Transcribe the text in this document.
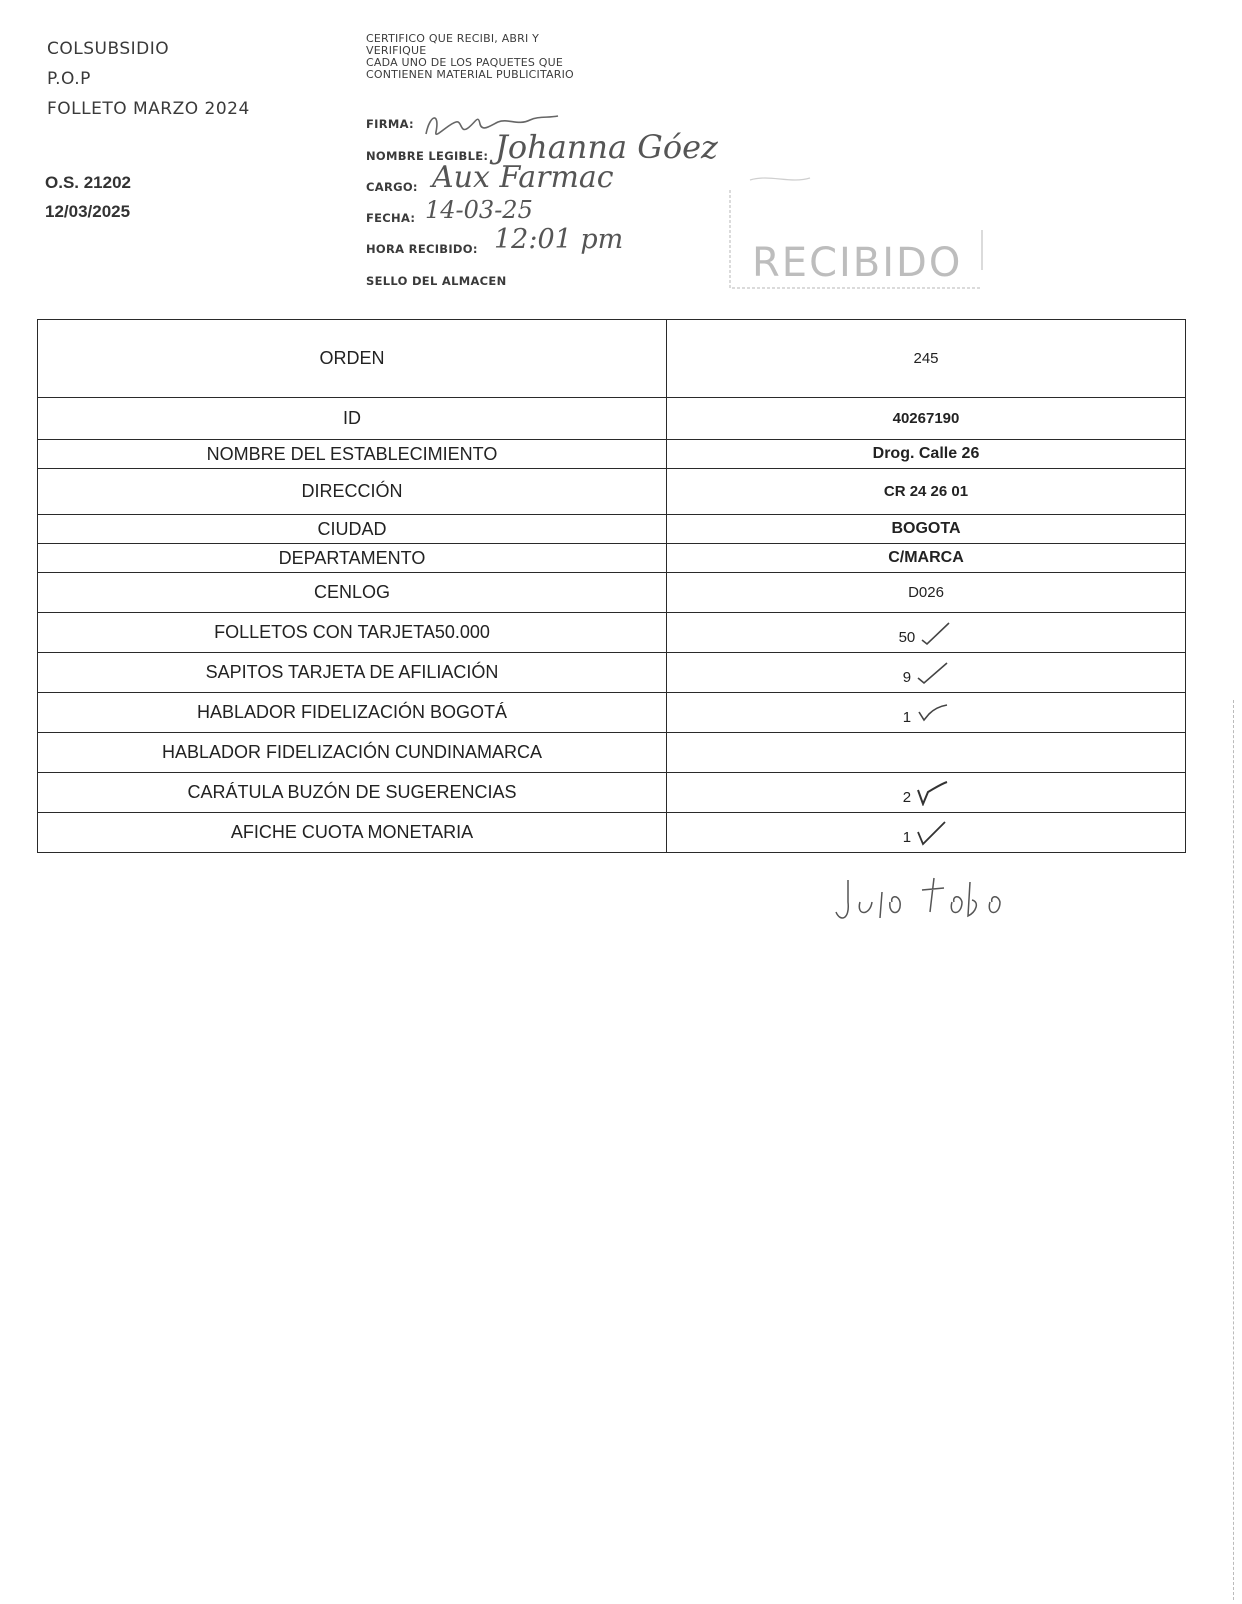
COLSUBSIDIO
P.O.P
FOLLETO MARZO 2024
O.S. 21202
12/03/2025
CERTIFICO QUE RECIBI, ABRI Y
VERIFIQUE
CADA UNO DE LOS PAQUETES QUE
CONTIENEN MATERIAL PUBLICITARIO
FIRMA:
NOMBRE LEGIBLE: Johanna Góez
CARGO: Aux Farmac
FECHA: 14-03-25
HORA RECIBIDO: 12:01 pm
SELLO DEL ALMACEN	RECIBIDO
ORDEN	245
ID	40267190
NOMBRE DEL ESTABLECIMIENTO	Drog. Calle 26
DIRECCIÓN	CR 24 26 01
CIUDAD	BOGOTA
DEPARTAMENTO	C/MARCA
CENLOG	D026
FOLLETOS CON TARJETA50.000	50
SAPITOS TARJETA DE AFILIACIÓN	9
HABLADOR FIDELIZACIÓN BOGOTÁ	1
HABLADOR FIDELIZACIÓN CUNDINAMARCA	
CARÁTULA BUZÓN DE SUGERENCIAS	2
AFICHE CUOTA MONETARIA	1
